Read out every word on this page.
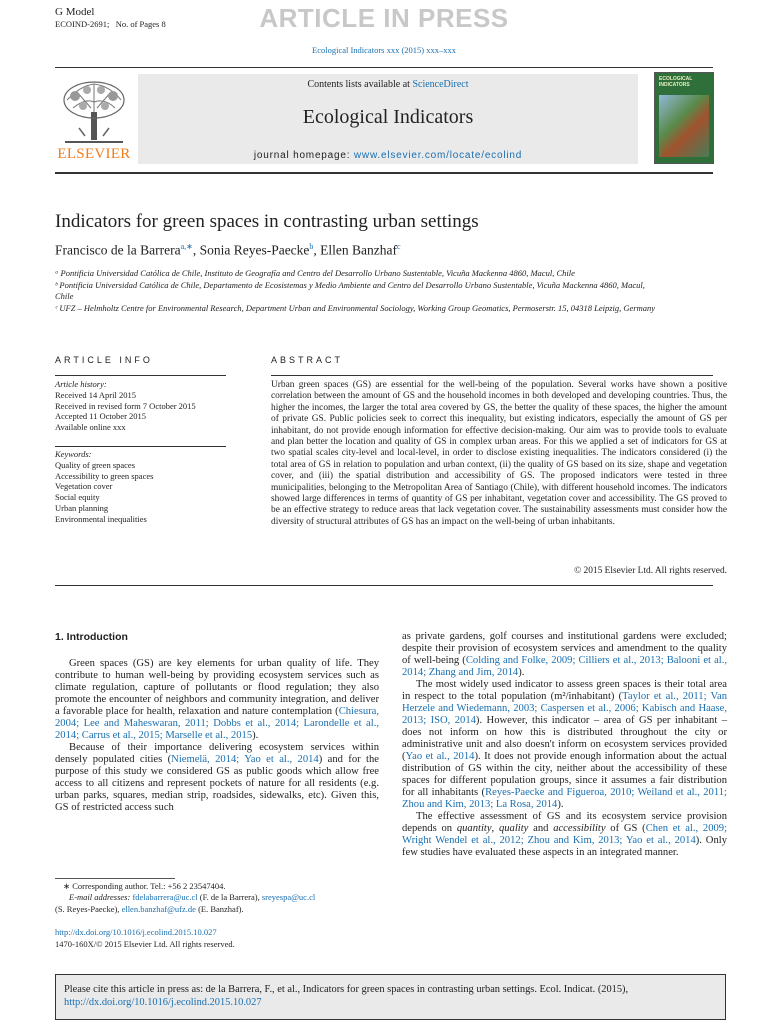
G Model
ECOIND-2691; No. of Pages 8	ARTICLE IN PRESS
Ecological Indicators xxx (2015) xxx–xxx
ELSEVIER
Contents lists available at ScienceDirect
Ecological Indicators
journal homepage: www.elsevier.com/locate/ecolind
ECOLOGICAL INDICATORS
Indicators for green spaces in contrasting urban settings
Francisco de la Barrera$^{a,∗}$, Sonia Reyes-Paecke$^b$, Ellen Banzhaf$^c$
ᵃ Pontificia Universidad Católica de Chile, Instituto de Geografía and Centro del Desarrollo Urbano Sustentable, Vicuña Mackenna 4860, Macul, Chile
ᵇ Pontificia Universidad Católica de Chile, Departamento de Ecosistemas y Medio Ambiente and Centro del Desarrollo Urbano Sustentable, Vicuña Mackenna 4860, Macul, Chile
ᶜ UFZ – Helmholtz Centre for Environmental Research, Department Urban and Environmental Sociology, Working Group Geomatics, Permoserstr. 15, 04318 Leipzig, Germany
ARTICLE INFO	ABSTRACT
Article history:
Received 14 April 2015
Received in revised form 7 October 2015
Accepted 11 October 2015
Available online xxx
Keywords:
Quality of green spaces
Accessibility to green spaces
Vegetation cover
Social equity
Urban planning
Environmental inequalities
Urban green spaces (GS) are essential for the well-being of the population. Several works have shown a positive correlation between the amount of GS and the household incomes in both developed and developing countries. Thus, the higher the incomes, the larger the total area covered by GS, the better the quality of these spaces, the higher the amount of private GS. Public policies seek to correct this inequality, but existing indicators, especially the amount of GS per inhabitant, do not provide enough information for effective decision-making. Our aim was to provide tools to evaluate and plan better the location and quality of GS in complex urban areas. For this we applied a set of indicators for GS at two spatial scales city-level and local-level, in order to disclose existing inequalities. The indicators considered (i) the total area of GS in relation to population and urban context, (ii) the quality of GS based on its size, shape and vegetation cover, and (iii) the spatial distribution and accessibility of GS. The proposed indicators were tested in three municipalities, belonging to the Metropolitan Area of Santiago (Chile), with different household incomes. The indicators showed large differences in terms of quantity of GS per inhabitant, vegetation cover and accessibility. The GS proved to be an effective strategy to reduce areas that lack vegetation cover. The sustainability assessments must consider how the diversity of structural attributes of GS has an impact on the well-being of urban inhabitants.
© 2015 Elsevier Ltd. All rights reserved.
1. Introduction

Green spaces (GS) are key elements for urban quality of life. They contribute to human well-being by providing ecosystem services such as climate regulation, capture of pollutants or flood regulation; they also promote the encounter of neighbors and community integration, and deliver a favorable place for health, relaxation and nature contemplation (Chiesura, 2004; Lee and Maheswaran, 2011; Dobbs et al., 2014; Larondelle et al., 2014; Carrus et al., 2015; Marselle et al., 2015).

Because of their importance delivering ecosystem services within densely populated cities (Niemelä, 2014; Yao et al., 2014) and for the purpose of this study we considered GS as public goods which allow free access to all citizens and represent pockets of nature for all residents (e.g. urban parks, squares, median strip, roadsides, sidewalks, etc). Given this, GS of restricted access such

as private gardens, golf courses and institutional gardens were excluded; despite their provision of ecosystem services and amendment to the quality of well-being (Colding and Folke, 2009; Cilliers et al., 2013; Balooni et al., 2014; Zhang and Jim, 2014).

The most widely used indicator to assess green spaces is their total area in respect to the total population (m²/inhabitant) (Taylor et al., 2011; Van Herzele and Wiedemann, 2003; Caspersen et al., 2006; Kabisch and Haase, 2013; ISO, 2014). However, this indicator – area of GS per inhabitant – does not inform on how this is distributed throughout the city or administrative unit and also doesn't inform on ecosystem services provided (Yao et al., 2014). It does not provide enough information about the actual distribution of GS within the city, neither about the accessibility of these spaces for different population groups, since it assumes a fair distribution for all inhabitants (Reyes-Paecke and Figueroa, 2010; Weiland et al., 2011; Zhou and Kim, 2013; La Rosa, 2014).

The effective assessment of GS and its ecosystem service provision depends on quantity, quality and accessibility of GS (Chen et al., 2009; Wright Wendel et al., 2012; Zhou and Kim, 2013; Yao et al., 2014). Only few studies have evaluated these aspects in an integrated manner.

∗ Corresponding author. Tel.: +56 2 23547404.
E-mail addresses: fdelabarrera@uc.cl (F. de la Barrera), sreyespa@uc.cl
(S. Reyes-Paecke), ellen.banzhaf@ufz.de (E. Banzhaf).
http://dx.doi.org/10.1016/j.ecolind.2015.10.027
1470-160X/© 2015 Elsevier Ltd. All rights reserved.
Please cite this article in press as: de la Barrera, F., et al., Indicators for green spaces in contrasting urban settings. Ecol. Indicat. (2015),
http://dx.doi.org/10.1016/j.ecolind.2015.10.027
